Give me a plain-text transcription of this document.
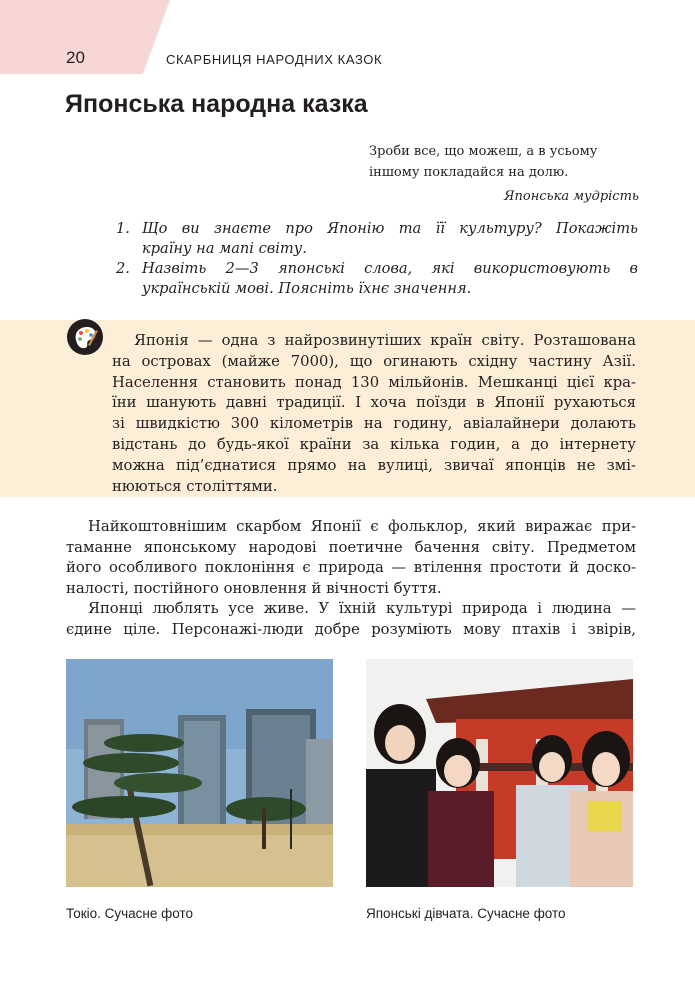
20	СКАРБНИЦЯ НАРОДНИХ КАЗОК
Японська народна казка
Зроби все, що можеш, а в усьому
іншому покладайся на долю.
Японська мудрість
1. Що ви знаєте про Японію та її культуру? Покажіть
країну на мапі світу.
2. Назвіть 2—3 японські слова, які використовують в
українській мові. Поясніть їхнє значення.

Японія — одна з найрозвинутіших країн світу. Розташована
на островах (майже 7000), що огинають східну частину Азії.
Населення становить понад 130 мільйонів. Мешканці цієї кра-
їни шанують давні традиції. І хоча поїзди в Японії рухаються
зі швидкістю 300 кілометрів на годину, авіалайнери долають
відстань до будь-якої країни за кілька годин, а до інтернету
можна під’єднатися прямо на вулиці, звичаї японців не змі-
нюються століттями.

Найкоштовнішим скарбом Японії є фольклор, який виражає при-
таманне японському народові поетичне бачення світу. Предметом
його особливого поклоніння є природа — втілення простоти й доско-
налості, постійного оновлення й вічності буття.
Японці люблять усе живе. У їхній культурі природа і людина —
єдине ціле. Персонажі-люди добре розуміють мову птахів і звірів,
Токіо. Сучасне фото	Японські дівчата. Сучасне фото
